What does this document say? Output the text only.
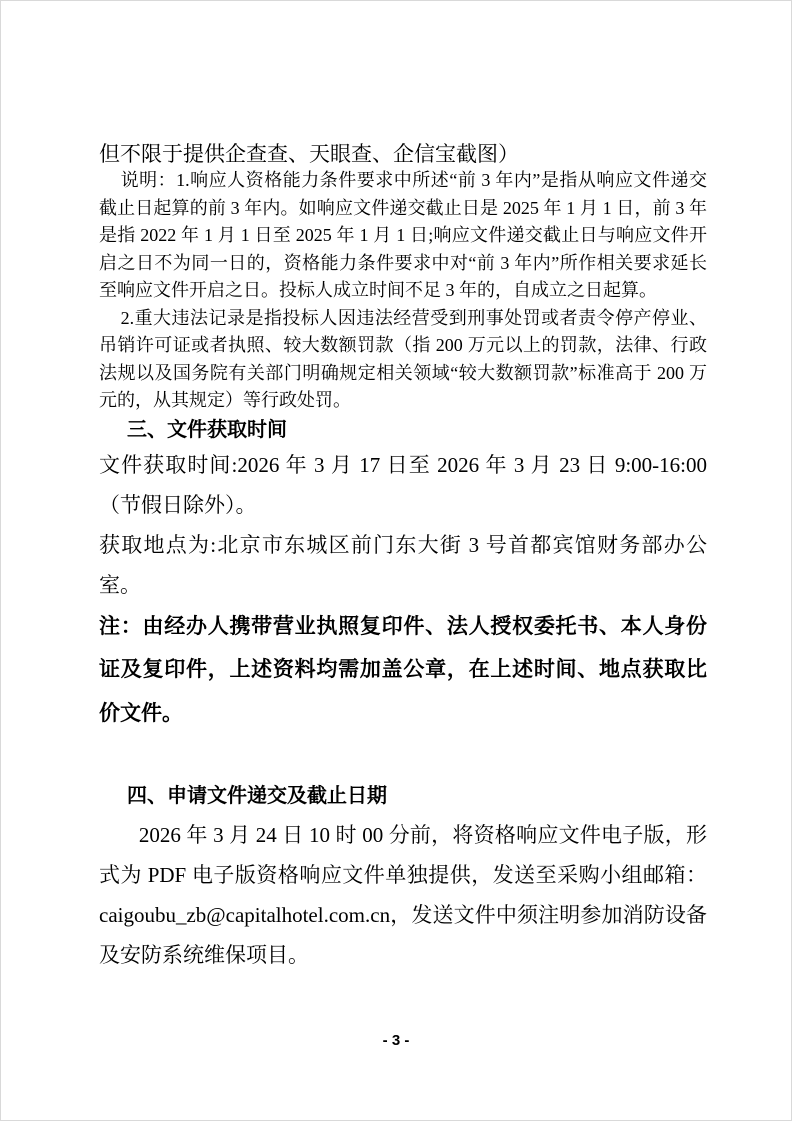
但不限于提供企查查、天眼查、企信宝截图）

说明：1.响应人资格能力条件要求中所述“前 3 年内”是指从响应文件递交截止日起算的前 3 年内。如响应文件递交截止日是 2025 年 1 月 1 日，前 3 年是指 2022 年 1 月 1 日至 2025 年 1 月 1 日;响应文件递交截止日与响应文件开启之日不为同一日的，资格能力条件要求中对“前 3 年内”所作相关要求延长至响应文件开启之日。投标人成立时间不足 3 年的，自成立之日起算。

2.重大违法记录是指投标人因违法经营受到刑事处罚或者责令停产停业、吊销许可证或者执照、较大数额罚款（指 200 万元以上的罚款，法律、行政法规以及国务院有关部门明确规定相关领域“较大数额罚款”标准高于 200 万元的，从其规定）等行政处罚。

三、文件获取时间

文件获取时间:2026 年 3 月 17 日至 2026 年 3 月 23 日 9:00-16:00（节假日除外）。

获取地点为:北京市东城区前门东大街 3 号首都宾馆财务部办公室。

注：由经办人携带营业执照复印件、法人授权委托书、本人身份证及复印件，上述资料均需加盖公章，在上述时间、地点获取比价文件。

四、申请文件递交及截止日期

2026 年 3 月 24 日 10 时 00 分前，将资格响应文件电子版，形式为 PDF 电子版资格响应文件单独提供，发送至采购小组邮箱：caigoubu_zb@capitalhotel.com.cn，发送文件中须注明参加消防设备及安防系统维保项目。

- 3 -
